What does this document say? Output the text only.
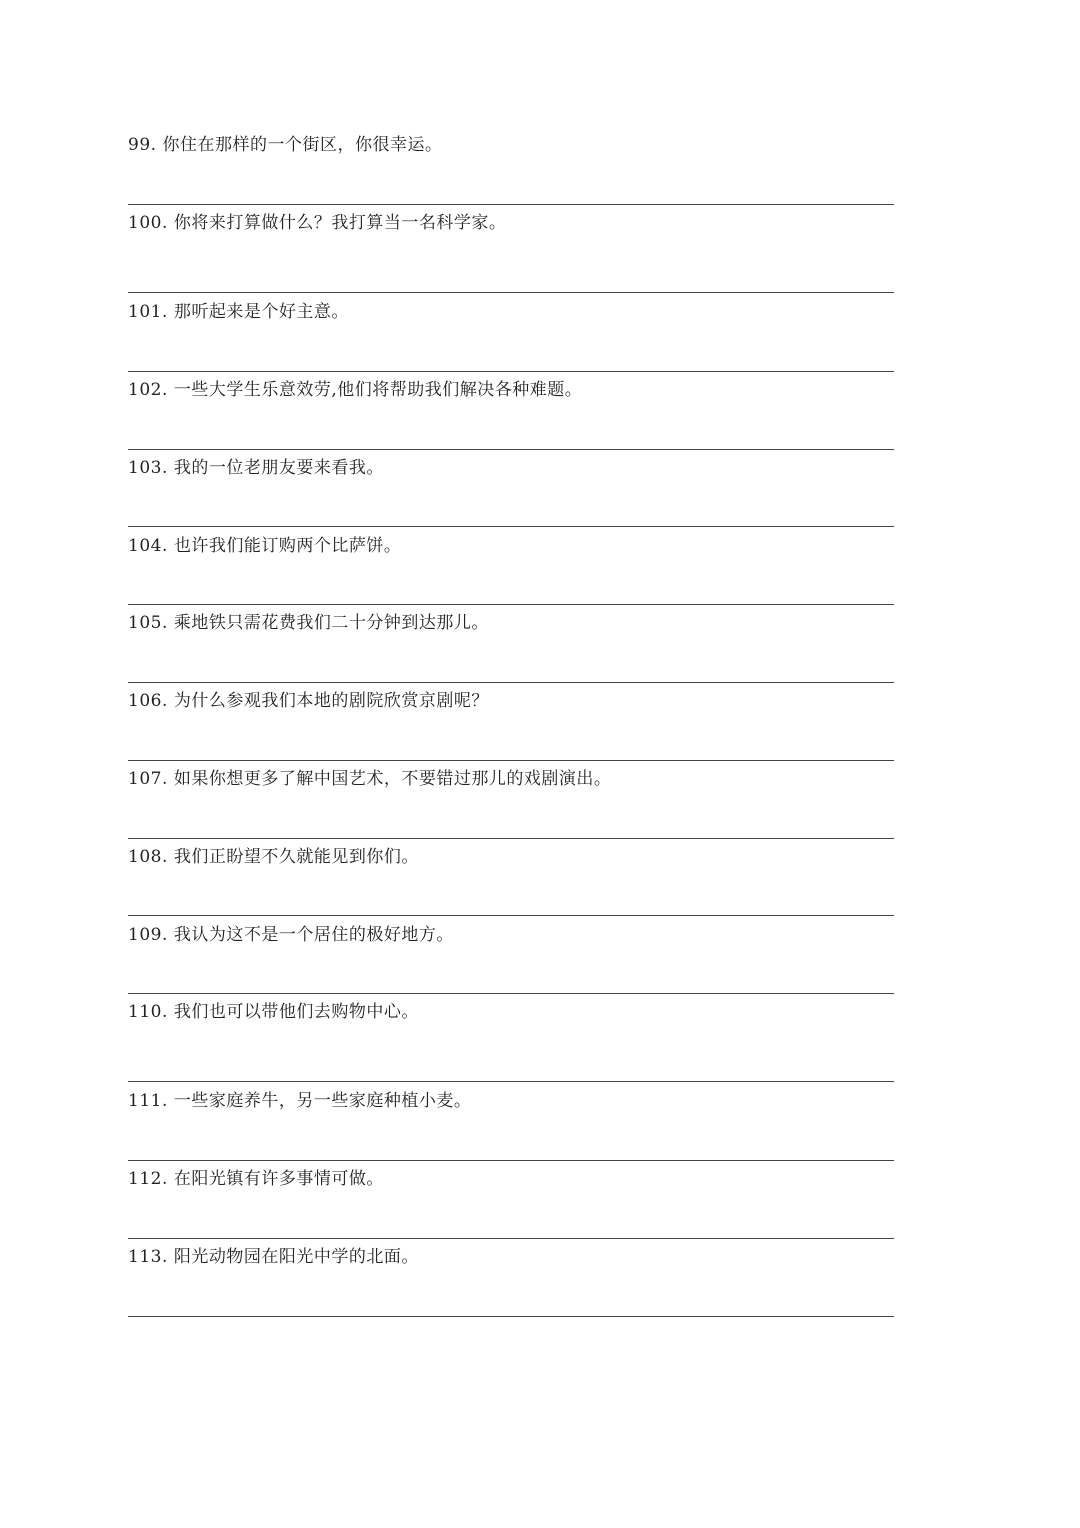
99. 你住在那样的一个街区，你很幸运。
100. 你将来打算做什么？我打算当一名科学家。
101. 那听起来是个好主意。
102. 一些大学生乐意效劳,他们将帮助我们解决各种难题。
103. 我的一位老朋友要来看我。
104. 也许我们能订购两个比萨饼。
105. 乘地铁只需花费我们二十分钟到达那儿。
106. 为什么参观我们本地的剧院欣赏京剧呢？
107. 如果你想更多了解中国艺术，不要错过那儿的戏剧演出。
108. 我们正盼望不久就能见到你们。
109. 我认为这不是一个居住的极好地方。
110. 我们也可以带他们去购物中心。
111. 一些家庭养牛，另一些家庭种植小麦。
112. 在阳光镇有许多事情可做。
113. 阳光动物园在阳光中学的北面。
